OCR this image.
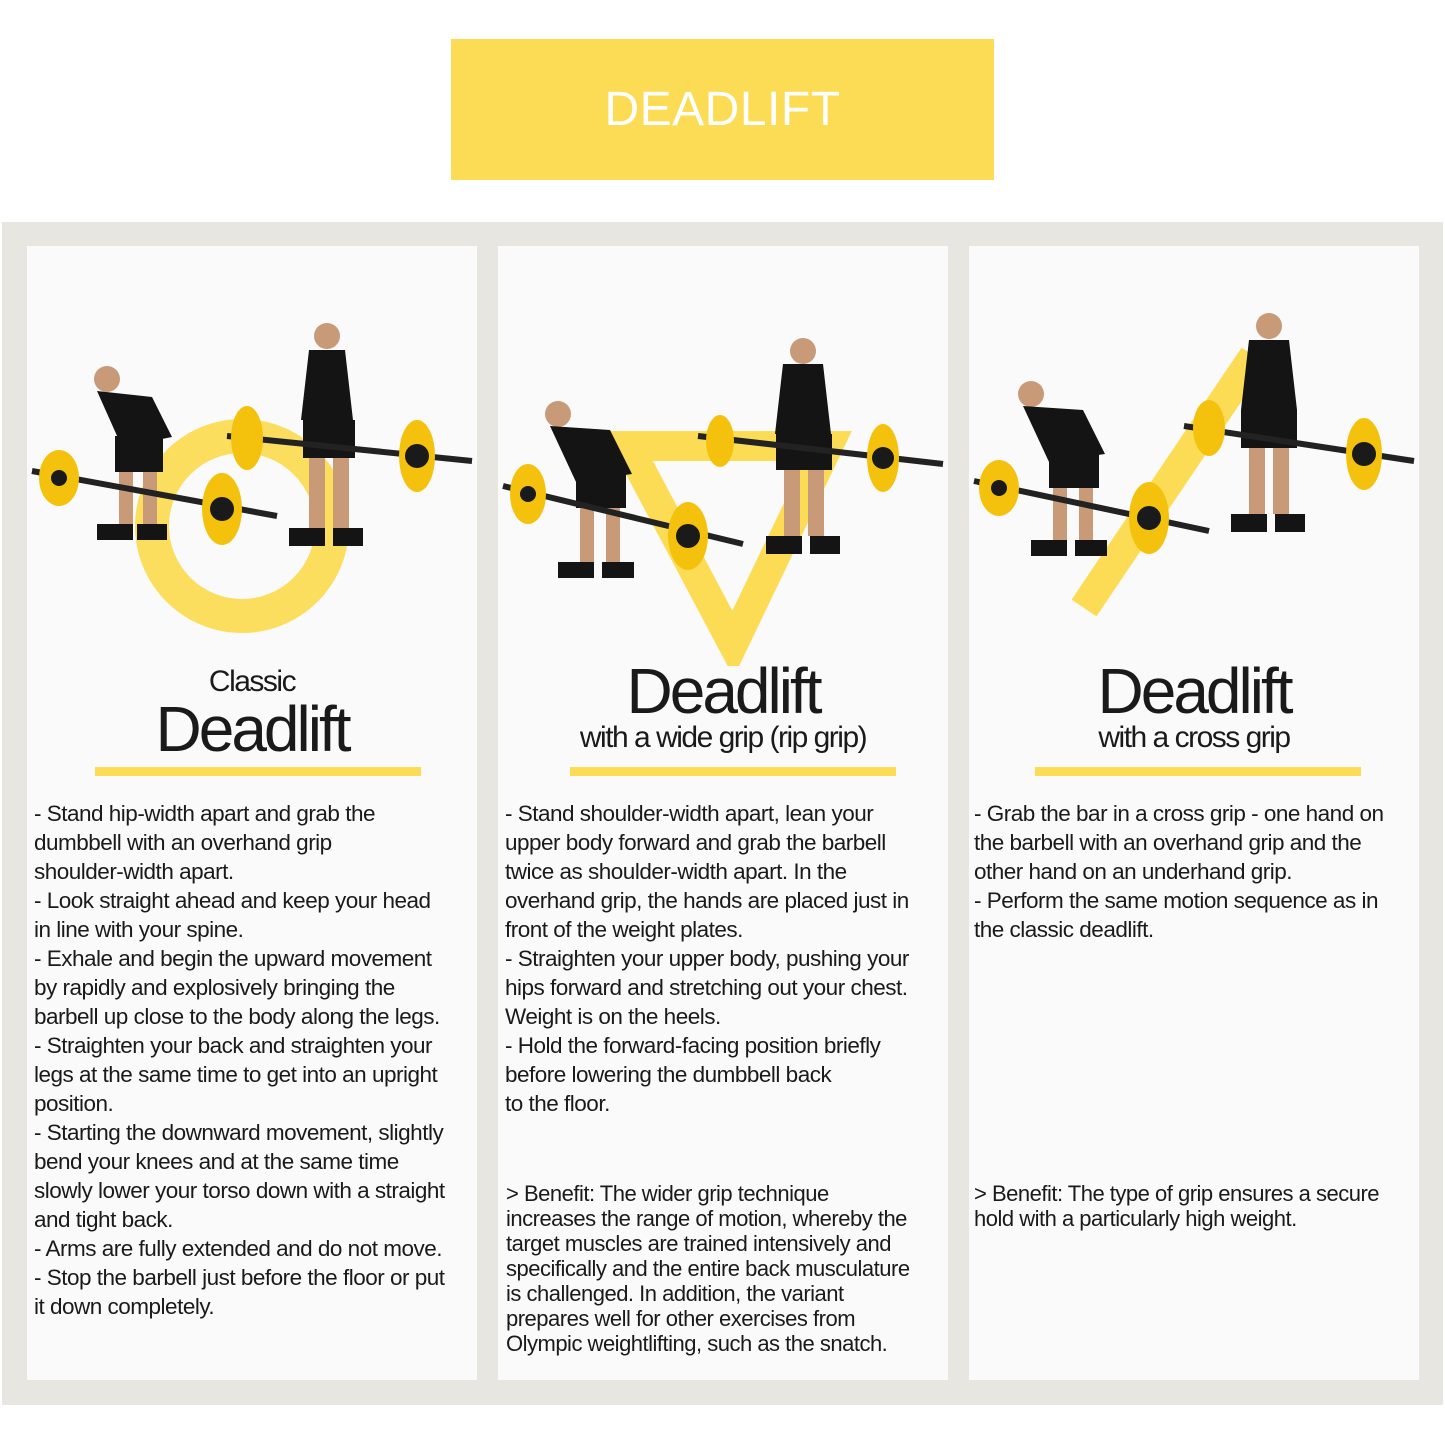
DEADLIFT
Classic
Deadlift

- Stand hip-width apart and grab the

dumbbell with an overhand grip

shoulder-width apart.

- Look straight ahead and keep your head

in line with your spine.

- Exhale and begin the upward movement

by rapidly and explosively bringing the

barbell up close to the body along the legs.

- Straighten your back and straighten your

legs at the same time to get into an upright

position.

- Starting the downward movement, slightly

bend your knees and at the same time

slowly lower your torso down with a straight

and tight back.

- Arms are fully extended and do not move.

- Stop the barbell just before the floor or put

it down completely.

Deadlift
with a wide grip (rip grip)

- Stand shoulder-width apart, lean your

upper body forward and grab the barbell

twice as shoulder-width apart. In the

overhand grip, the hands are placed just in

front of the weight plates.

- Straighten your upper body, pushing your

hips forward and stretching out your chest.

Weight is on the heels.

- Hold the forward-facing position briefly

before lowering the dumbbell back

to the floor.

> Benefit: The wider grip technique

increases the range of motion, whereby the

target muscles are trained intensively and

specifically and the entire back musculature

is challenged. In addition, the variant

prepares well for other exercises from

Olympic weightlifting, such as the snatch.

Deadlift
with a cross grip

- Grab the bar in a cross grip - one hand on

the barbell with an overhand grip and the

other hand on an underhand grip.

- Perform the same motion sequence as in

the classic deadlift.

> Benefit: The type of grip ensures a secure

hold with a particularly high weight.
